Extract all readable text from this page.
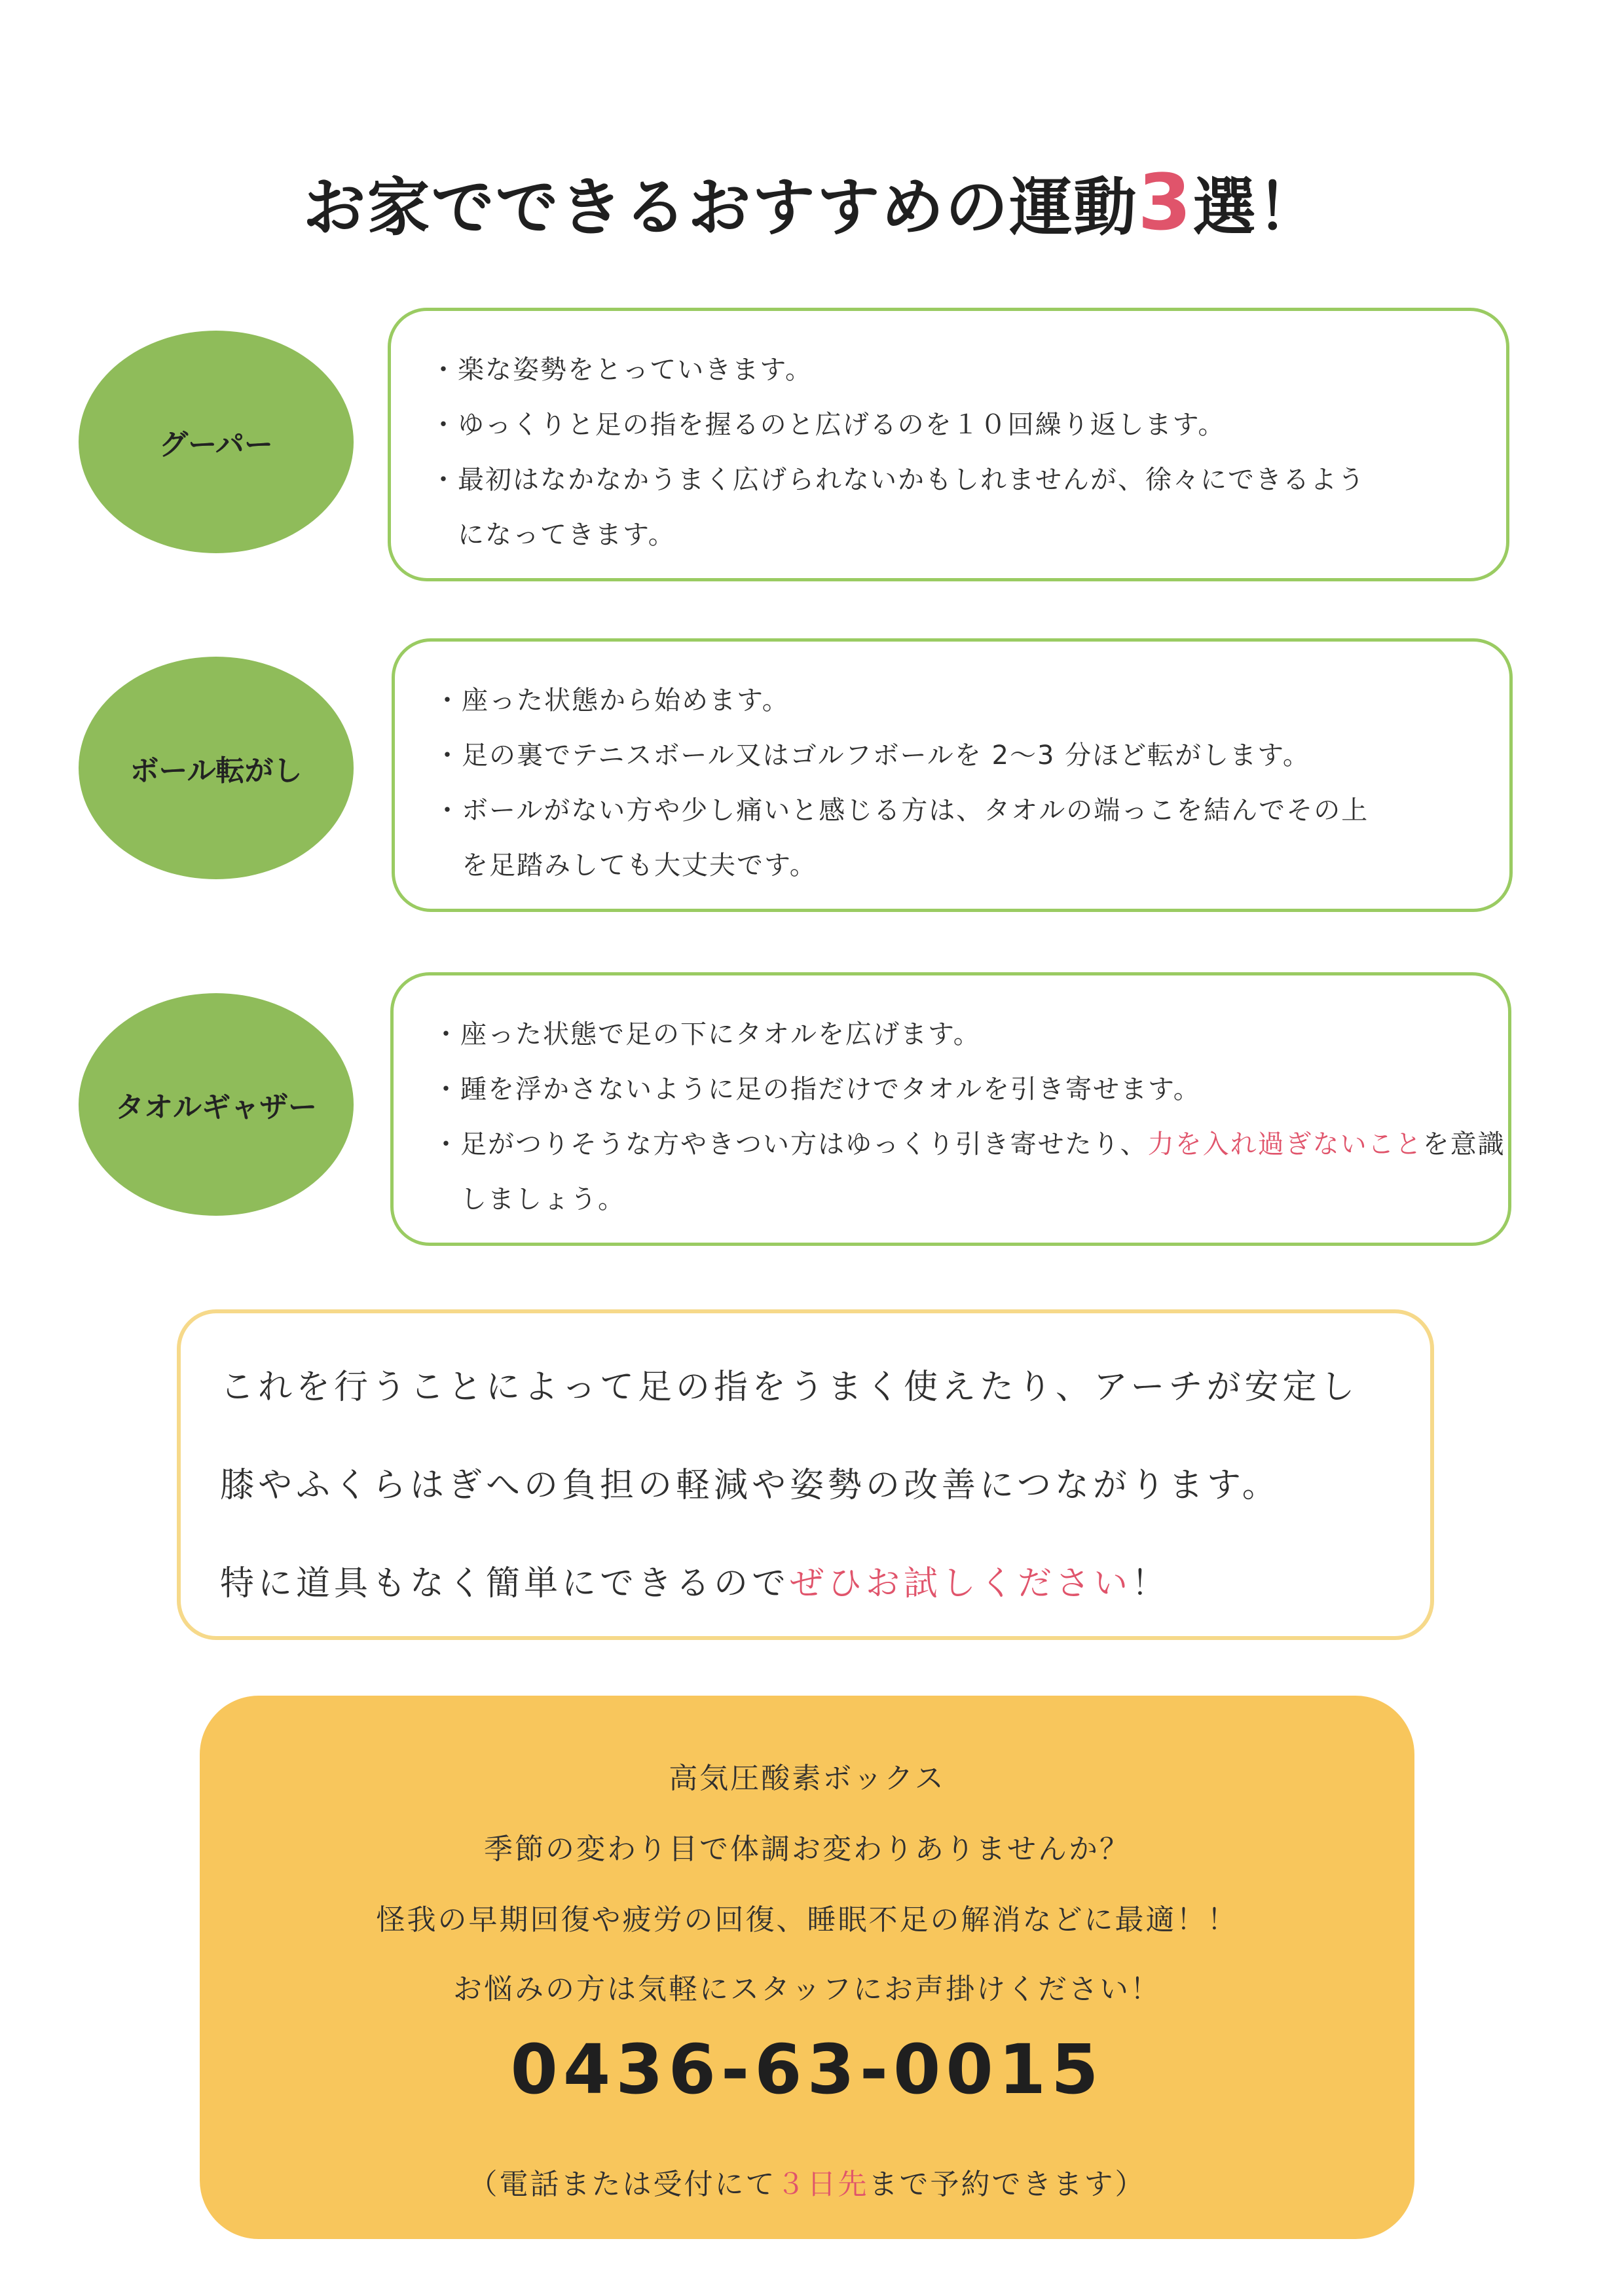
お家でできるおすすめの運動3選！
グーパー
・楽な姿勢をとっていきます。
・ゆっくりと足の指を握るのと広げるのを１０回繰り返します。
・最初はなかなかうまく広げられないかもしれませんが、徐々にできるよう
　になってきます。
ボール転がし
・座った状態から始めます。
・足の裏でテニスボール又はゴルフボールを 2～3 分ほど転がします。
・ボールがない方や少し痛いと感じる方は、タオルの端っこを結んでその上
　を足踏みしても大丈夫です。
タオルギャザー
・座った状態で足の下にタオルを広げます。
・踵を浮かさないように足の指だけでタオルを引き寄せます。
・足がつりそうな方やきつい方はゆっくり引き寄せたり、力を入れ過ぎないことを意識
　しましょう。
これを行うことによって足の指をうまく使えたり、アーチが安定し
膝やふくらはぎへの負担の軽減や姿勢の改善につながります。
特に道具もなく簡単にできるのでぜひお試しください！
高気圧酸素ボックス
季節の変わり目で体調お変わりありませんか？
怪我の早期回復や疲労の回復、睡眠不足の解消などに最適！！
お悩みの方は気軽にスタッフにお声掛けください！
0436-63-0015
（電話または受付にて３日先まで予約できます）
